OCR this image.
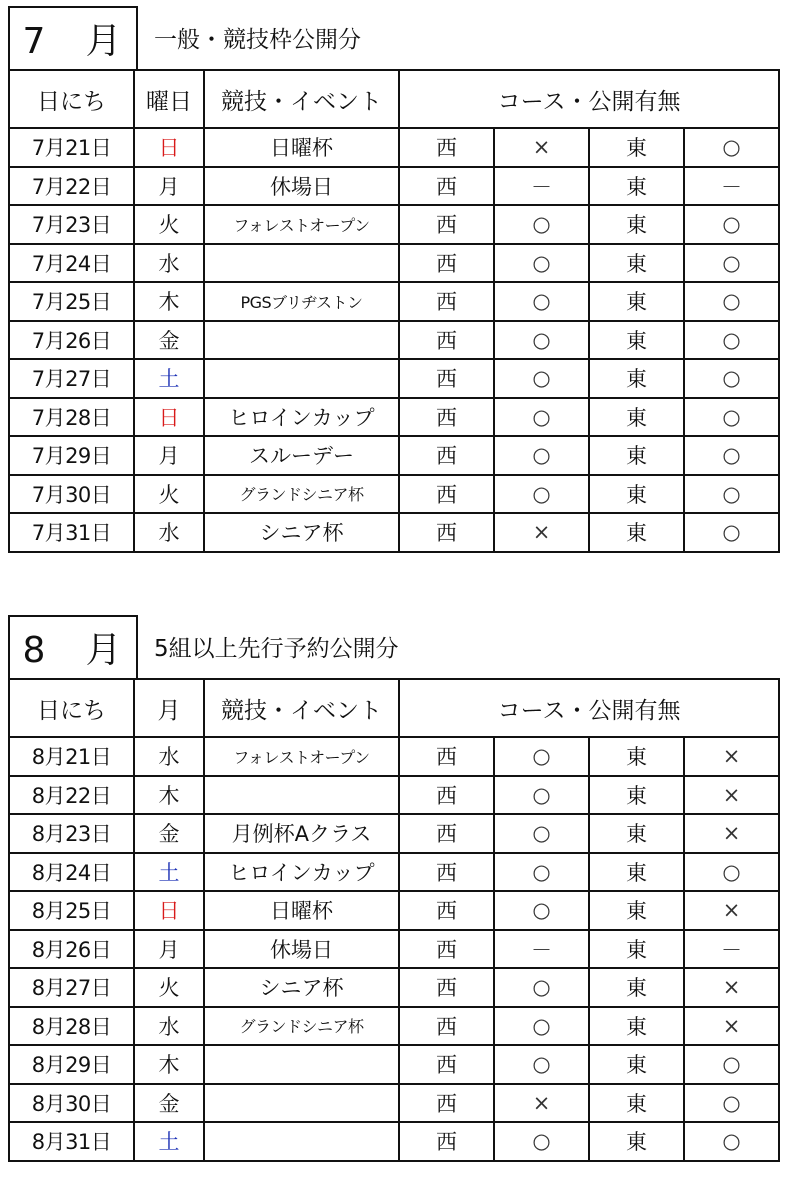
7　月	一般・競技枠公開分
日にち	曜日	競技・イベント	コース・公開有無			
7月21日	日	日曜杯	西	×	東	○
7月22日	月	休場日	西	－	東	－
7月23日	火	フォレストオープン	西	○	東	○
7月24日	水		西	○	東	○
7月25日	木	PGSブリヂストン	西	○	東	○
7月26日	金		西	○	東	○
7月27日	土		西	○	東	○
7月28日	日	ヒロインカップ	西	○	東	○
7月29日	月	スルーデー	西	○	東	○
7月30日	火	グランドシニア杯	西	○	東	○
7月31日	水	シニア杯	西	×	東	○
8　月	5組以上先行予約公開分
日にち	月	競技・イベント	コース・公開有無			
8月21日	水	フォレストオープン	西	○	東	×
8月22日	木		西	○	東	×
8月23日	金	月例杯Aクラス	西	○	東	×
8月24日	土	ヒロインカップ	西	○	東	○
8月25日	日	日曜杯	西	○	東	×
8月26日	月	休場日	西	－	東	－
8月27日	火	シニア杯	西	○	東	×
8月28日	水	グランドシニア杯	西	○	東	×
8月29日	木		西	○	東	○
8月30日	金		西	×	東	○
8月31日	土		西	○	東	○
